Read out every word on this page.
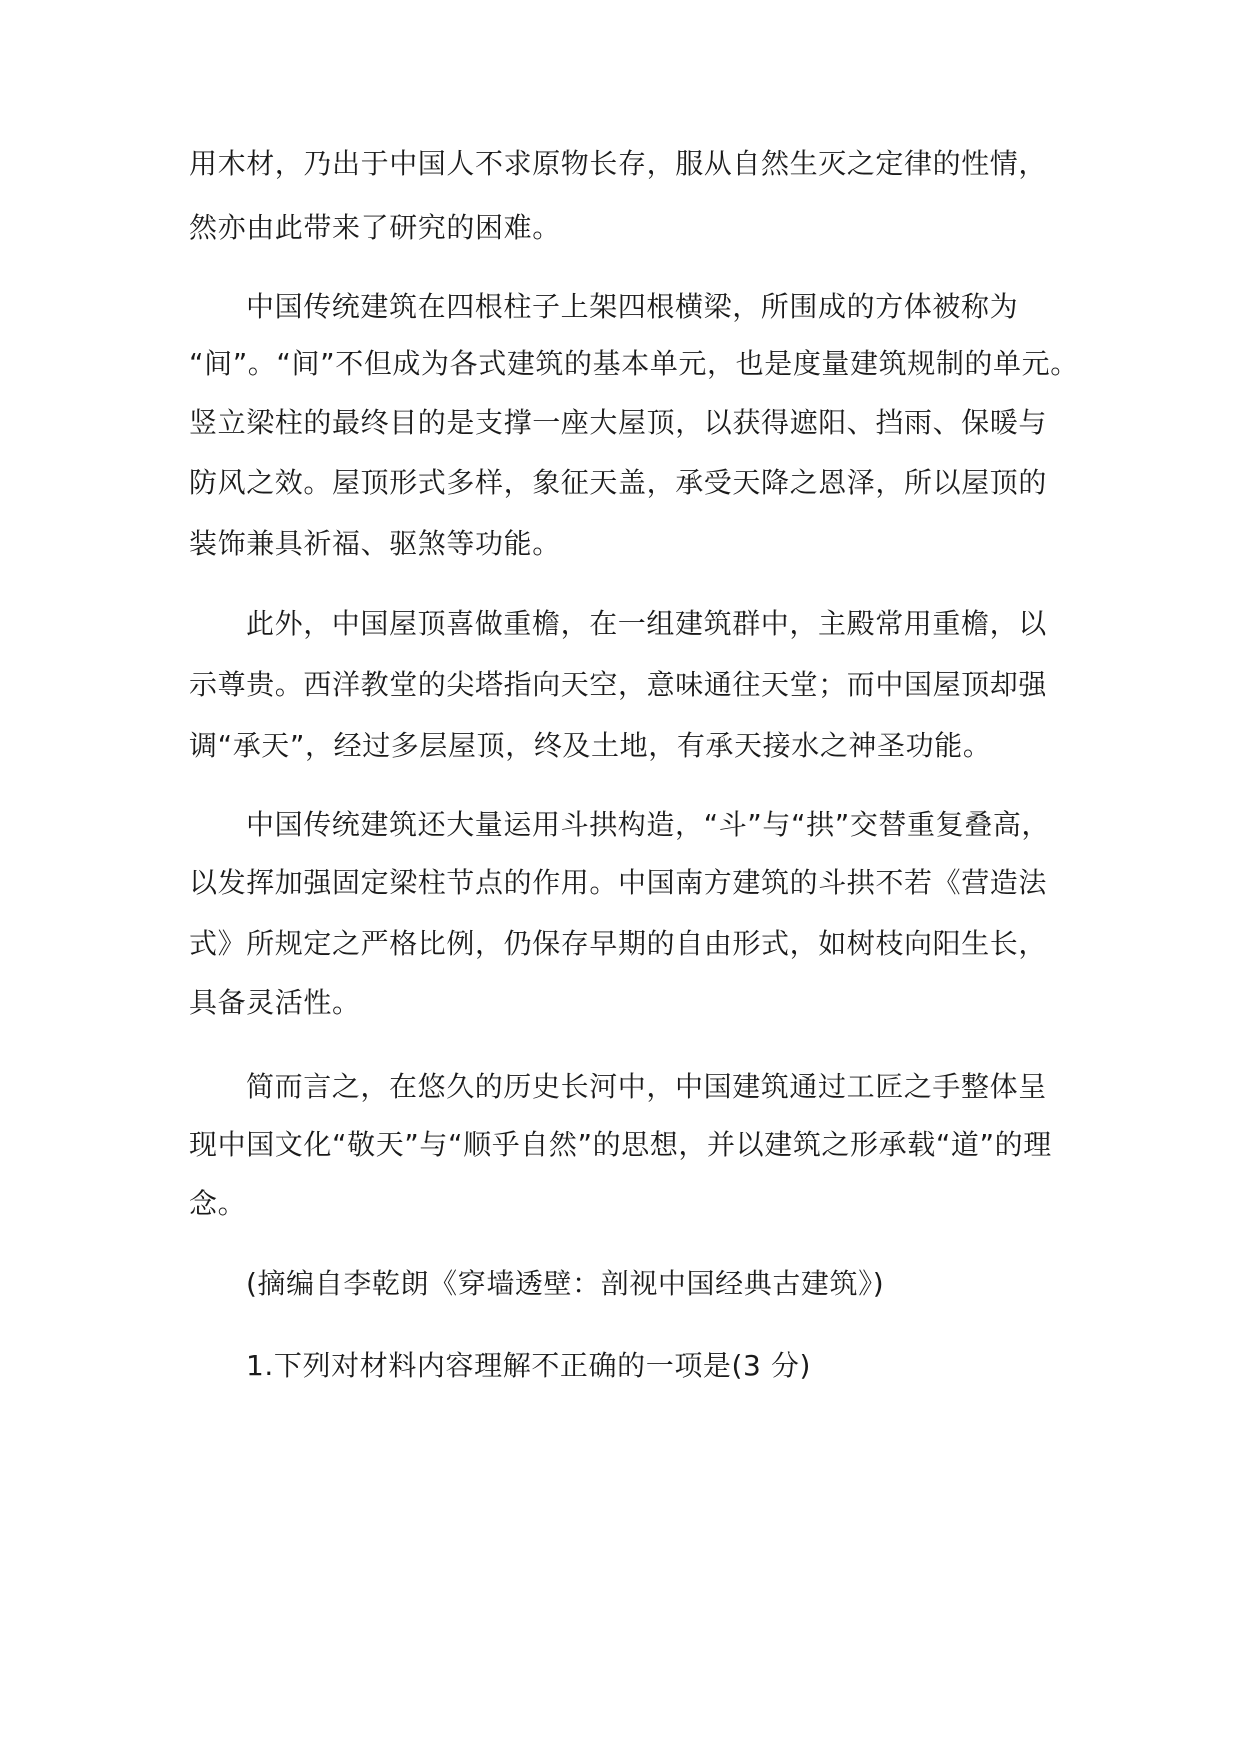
用木材，乃出于中国人不求原物长存，服从自然生灭之定律的性情，
然亦由此带来了研究的困难。
中国传统建筑在四根柱子上架四根横梁，所围成的方体被称为
“间”。“间”不但成为各式建筑的基本单元，也是度量建筑规制的单元。
竖立梁柱的最终目的是支撑一座大屋顶，以获得遮阳、挡雨、保暖与
防风之效。屋顶形式多样，象征天盖，承受天降之恩泽，所以屋顶的
装饰兼具祈福、驱煞等功能。
此外，中国屋顶喜做重檐，在一组建筑群中，主殿常用重檐，以
示尊贵。西洋教堂的尖塔指向天空，意味通往天堂；而中国屋顶却强
调“承天”，经过多层屋顶，终及土地，有承天接水之神圣功能。
中国传统建筑还大量运用斗拱构造，“斗”与“拱”交替重复叠高，
以发挥加强固定梁柱节点的作用。中国南方建筑的斗拱不若《营造法
式》所规定之严格比例，仍保存早期的自由形式，如树枝向阳生长，
具备灵活性。
简而言之，在悠久的历史长河中，中国建筑通过工匠之手整体呈
现中国文化“敬天”与“顺乎自然”的思想，并以建筑之形承载“道”的理
念。
(摘编自李乾朗《穿墙透壁：剖视中国经典古建筑》)
1.下列对材料内容理解不正确的一项是(3 分)
